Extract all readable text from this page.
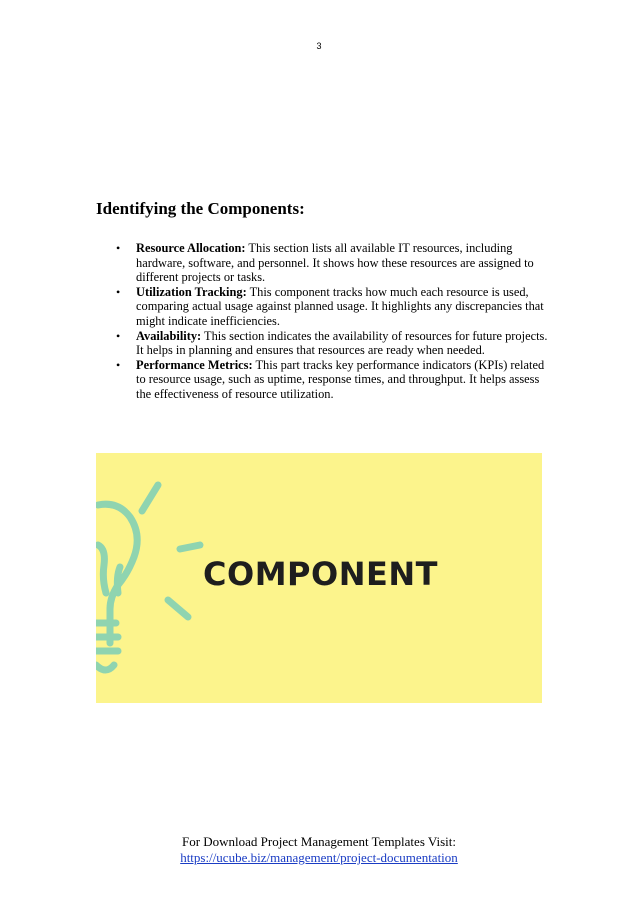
3
Identifying the Components:
• Resource Allocation: This section lists all available IT resources, including hardware, software, and personnel. It shows how these resources are assigned to different projects or tasks.
• Utilization Tracking: This component tracks how much each resource is used, comparing actual usage against planned usage. It highlights any discrepancies that might indicate inefficiencies.
• Availability: This section indicates the availability of resources for future projects. It helps in planning and ensures that resources are ready when needed.
• Performance Metrics: This part tracks key performance indicators (KPIs) related to resource usage, such as uptime, response times, and throughput. It helps assess the effectiveness of resource utilization.

COMPONENT

For Download Project Management Templates Visit:
https://ucube.biz/management/project-documentation
